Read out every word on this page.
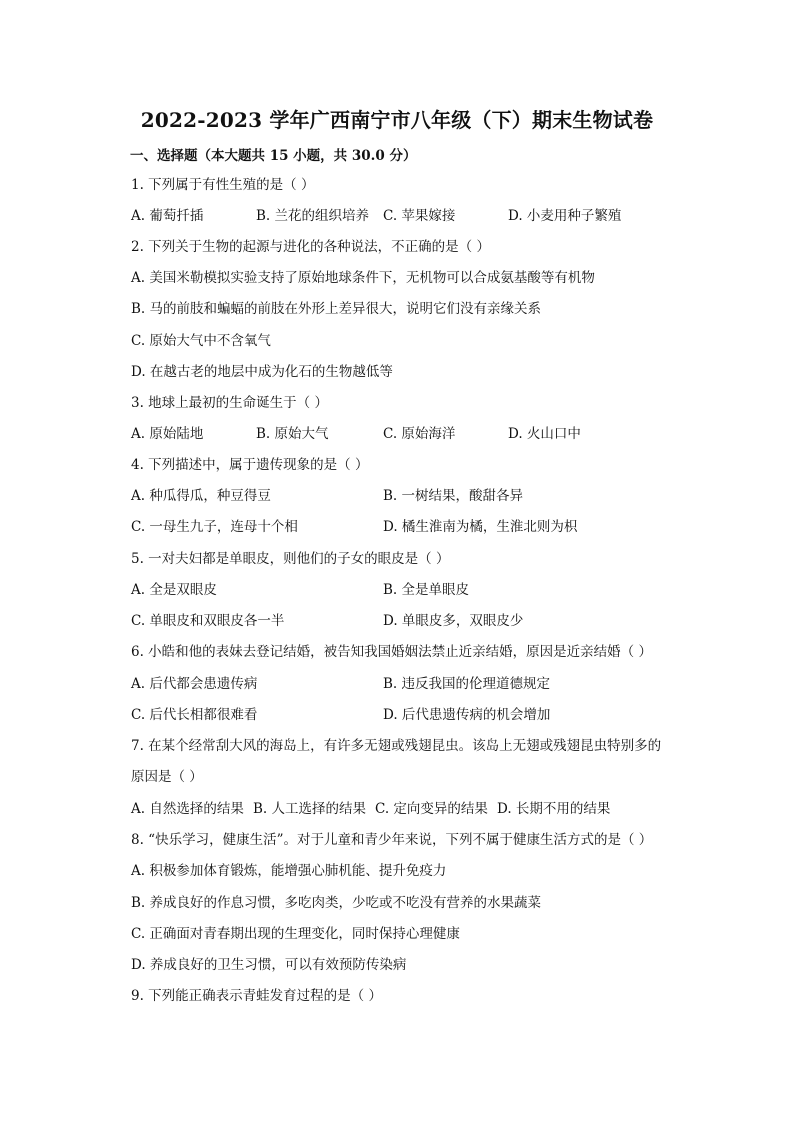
2022-2023 学年广西南宁市八年级（下）期末生物试卷
一、选择题（本大题共 15 小题，共 30.0 分）
1. 下列属于有性生殖的是（ ）
A. 葡萄扦插	B. 兰花的组织培养 C. 苹果嫁接	D. 小麦用种子繁殖
2. 下列关于生物的起源与进化的各种说法，不正确的是（ ）
A. 美国米勒模拟实验支持了原始地球条件下，无机物可以合成氨基酸等有机物
B. 马的前肢和蝙蝠的前肢在外形上差异很大，说明它们没有亲缘关系
C. 原始大气中不含氧气
D. 在越古老的地层中成为化石的生物越低等
3. 地球上最初的生命诞生于（ ）
A. 原始陆地	B. 原始大气	C. 原始海洋	D. 火山口中
4. 下列描述中，属于遗传现象的是（ ）
A. 种瓜得瓜，种豆得豆	B. 一树结果，酸甜各异
C. 一母生九子，连母十个相	D. 橘生淮南为橘，生淮北则为枳
5. 一对夫妇都是单眼皮，则他们的子女的眼皮是（ ）
A. 全是双眼皮	B. 全是单眼皮
C. 单眼皮和双眼皮各一半	D. 单眼皮多，双眼皮少
6. 小皓和他的表妹去登记结婚，被告知我国婚姻法禁止近亲结婚，原因是近亲结婚（ ）
A. 后代都会患遗传病	B. 违反我国的伦理道德规定
C. 后代长相都很难看	D. 后代患遗传病的机会增加
7. 在某个经常刮大风的海岛上，有许多无翅或残翅昆虫。该岛上无翅或残翅昆虫特别多的
原因是（ ）
A. 自然选择的结果 B. 人工选择的结果 C. 定向变异的结果 D. 长期不用的结果
8. “快乐学习，健康生活”。对于儿童和青少年来说，下列不属于健康生活方式的是（ ）
A. 积极参加体育锻炼，能增强心肺机能、提升免疫力
B. 养成良好的作息习惯，多吃肉类，少吃或不吃没有营养的水果蔬菜
C. 正确面对青春期出现的生理变化，同时保持心理健康
D. 养成良好的卫生习惯，可以有效预防传染病
9. 下列能正确表示青蛙发育过程的是（ ）
